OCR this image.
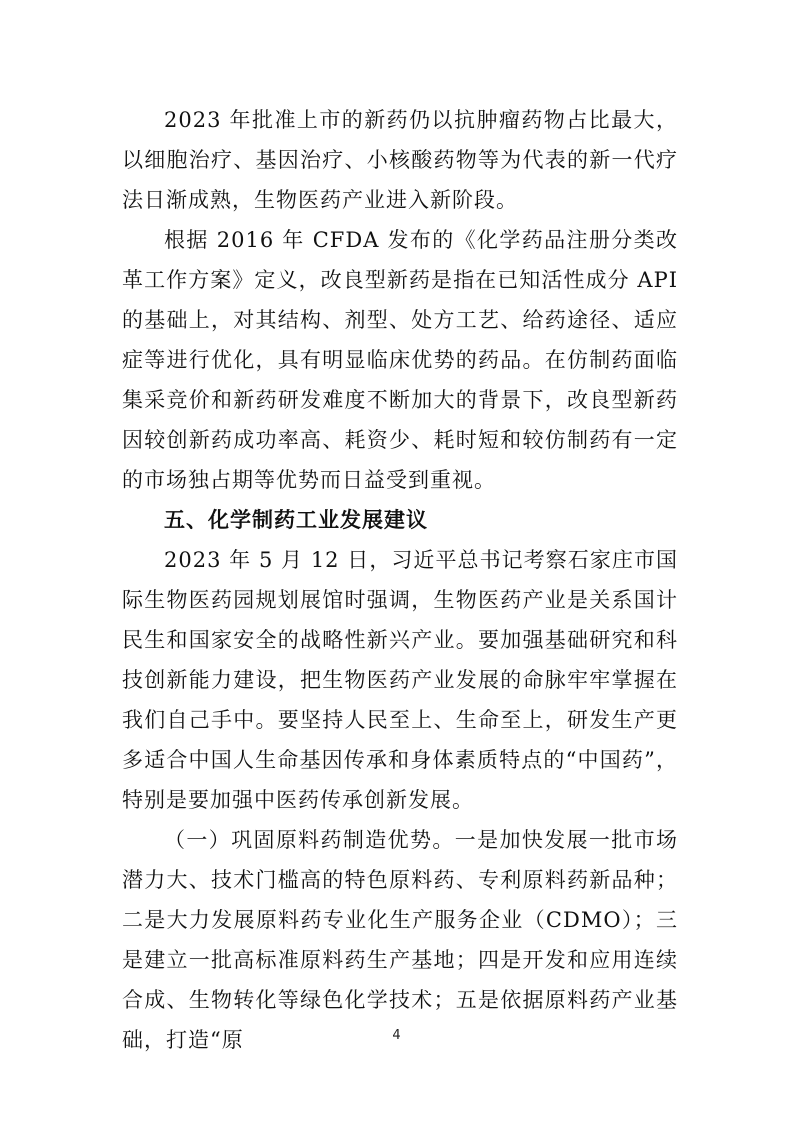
2023 年批准上市的新药仍以抗肿瘤药物占比最大，以细胞治疗、基因治疗、小核酸药物等为代表的新一代疗法日渐成熟，生物医药产业进入新阶段。

根据 2016 年 CFDA 发布的《化学药品注册分类改革工作方案》定义，改良型新药是指在已知活性成分 API 的基础上，对其结构、剂型、处方工艺、给药途径、适应症等进行优化，具有明显临床优势的药品。在仿制药面临集采竞价和新药研发难度不断加大的背景下，改良型新药因较创新药成功率高、耗资少、耗时短和较仿制药有一定的市场独占期等优势而日益受到重视。

五、化学制药工业发展建议

2023 年 5 月 12 日，习近平总书记考察石家庄市国际生物医药园规划展馆时强调，生物医药产业是关系国计民生和国家安全的战略性新兴产业。要加强基础研究和科技创新能力建设，把生物医药产业发展的命脉牢牢掌握在我们自己手中。要坚持人民至上、生命至上，研发生产更多适合中国人生命基因传承和身体素质特点的“中国药”，特别是要加强中医药传承创新发展。

（一）巩固原料药制造优势。一是加快发展一批市场潜力大、技术门槛高的特色原料药、专利原料药新品种；二是大力发展原料药专业化生产服务企业（CDMO）；三是建立一批高标准原料药生产基地；四是开发和应用连续合成、生物转化等绿色化学技术；五是依据原料药产业基础，打造“原	4
